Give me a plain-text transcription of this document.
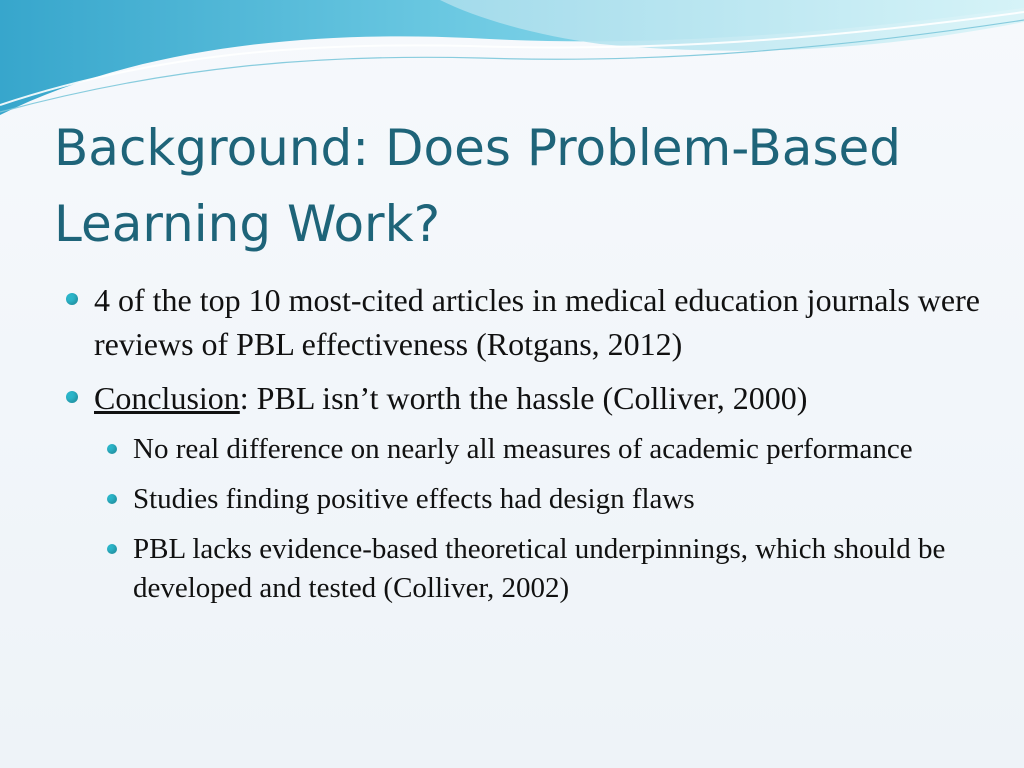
Background: Does Problem-Based
Learning Work?
4 of the top 10 most-cited articles in medical education journals were reviews of PBL effectiveness (Rotgans, 2012)
Conclusion: PBL isn’t worth the hassle (Colliver, 2000)
No real difference on nearly all measures of academic performance
Studies finding positive effects had design flaws
PBL lacks evidence-based theoretical underpinnings, which should be developed and tested (Colliver, 2002)
